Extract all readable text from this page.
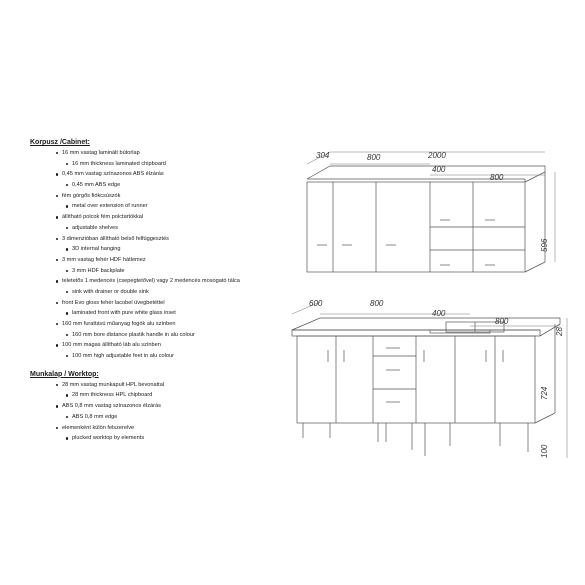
Korpusz /Cabinet:
16 mm vastag laminált bútorlap
16 mm thickness laminated chipboard
0,45 mm vastag színazonos ABS élzárás
0,45 mm ABS edge
fém görgős fiókcsúszók
metal over extension of runner
állítható polcok fém polctartókkal
adjustable shelves
3 dimenzióban állítható belső felfüggesztés
3D internal hanging
3 mm vastag fehér HDF hátlemez
3 mm HDF backplate
teletetős 1 medencés (csepegtetővel) vagy 2 medencés mosogató tálca
sink with drainer or double sink
front Evo gloss fehér lacobel üvegbetéttel
laminated front with pure white glass inset
160 mm furattávú műanyag fogók alu színben
160 mm bore distance plastik handle in alu colour
100 mm magas állítható láb alu színben
100 mm high adjustable feet in alu colour
Munkalap / Worktop:
28 mm vastag munkapult HPL bevonattal
28 mm thickness HPL chipboard
ABS 0,8 mm vastag színazonos élzárás
ABS 0,8 mm edge
elemenként külön felszerelve
plucked worktop by elements
304	800	2000
400
800
596
600	800
400
800
28
724
100
